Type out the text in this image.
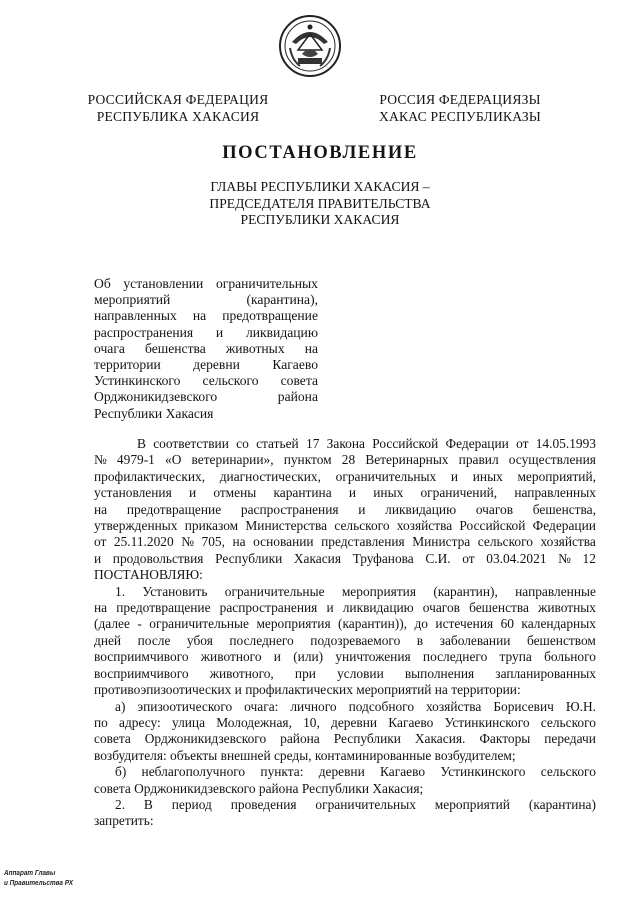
РОССИЙСКАЯ ФЕДЕРАЦИЯ
РЕСПУБЛИКА ХАКАСИЯ
РОССИЯ ФЕДЕРАЦИЯЗЫ
ХАКАС РЕСПУБЛИКАЗЫ
ПОСТАНОВЛЕНИЕ
ГЛАВЫ РЕСПУБЛИКИ ХАКАСИЯ –
ПРЕДСЕДАТЕЛЯ ПРАВИТЕЛЬСТВА
РЕСПУБЛИКИ ХАКАСИЯ
Об установлении ограничительных
мероприятий	(карантина),
направленных на предотвращение
распространения и ликвидацию
очага бешенства животных на
территории деревни Кагаево
Устинкинского сельского совета
Орджоникидзевского	района
Республики Хакасия
В соответствии со статьей 17 Закона Российской Федерации от 14.05.1993
№ 4979-1 «О ветеринарии», пунктом 28 Ветеринарных правил осуществления
профилактических, диагностических, ограничительных и иных мероприятий,
установления и отмены карантина и иных ограничений, направленных
на предотвращение распространения и ликвидацию очагов бешенства,
утвержденных приказом Министерства сельского хозяйства Российской Федерации
от 25.11.2020 № 705, на основании представления Министра сельского хозяйства
и продовольствия Республики Хакасия Труфанова С.И. от 03.04.2021 № 12
ПОСТАНОВЛЯЮ:
1. Установить ограничительные мероприятия (карантин), направленные
на предотвращение распространения и ликвидацию очагов бешенства животных
(далее - ограничительные мероприятия (карантин)), до истечения 60 календарных
дней после убоя последнего подозреваемого в заболевании бешенством
восприимчивого животного и (или) уничтожения последнего трупа больного
восприимчивого животного, при условии выполнения запланированных
противоэпизоотических и профилактических мероприятий на территории:
а) эпизоотического очага: личного подсобного хозяйства Борисевич Ю.Н.
по адресу: улица Молодежная, 10, деревни Кагаево Устинкинского сельского
совета Орджоникидзевского района Республики Хакасия. Факторы передачи
возбудителя: объекты внешней среды, контаминированные возбудителем;
б) неблагополучного пункта: деревни Кагаево Устинкинского сельского
совета Орджоникидзевского района Республики Хакасия;
2. В период проведения ограничительных мероприятий (карантина)
запретить:
Аппарат Главы
и Правительства РХ
